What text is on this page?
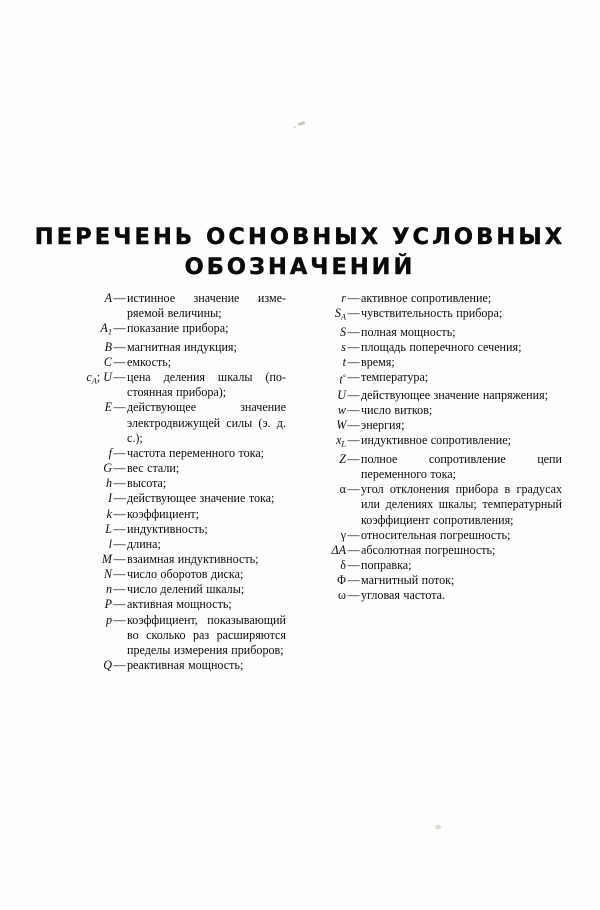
ПЕРЕЧЕНЬ ОСНОВНЫХ УСЛОВНЫХ
ОБОЗНАЧЕНИЙ
A — истинное значение измеряемой величины;
$A_1$ — показание прибора;
B — магнитная индукция;
C — емкость;
$c_A$; U — цена деления шкалы (постоянная прибора);
E — действующее значение электродвижущей силы (э. д. с.);
f — частота переменного тока;
G — вес стали;
h — высота;
I — действующее значение тока;
k — коэффициент;
L — индуктивность;
l — длина;
M — взаимная индуктивность;
N — число оборотов диска;
n — число делений шкалы;
P — активная мощность;
p — коэффициент, показывающий во сколько раз расширяются пределы измерения приборов;
Q — реактивная мощность;
r — активное сопротивление;
$S_A$ — чувствительность прибора;
S — полная мощность;
s — площадь поперечного сечения;
t — время;
t° — температура;
U — действующее значение напряжения;
w — число витков;
W — энергия;
$x_L$ — индуктивное сопротивление;
Z — полное сопротивление цепи переменного тока;
α — угол отклонения прибора в градусах или делениях шкалы; температурный коэффициент сопротивления;
γ — относительная погрешность;
ΔA — абсолютная погрешность;
δ — поправка;
Φ — магнитный поток;
ω — угловая частота.
